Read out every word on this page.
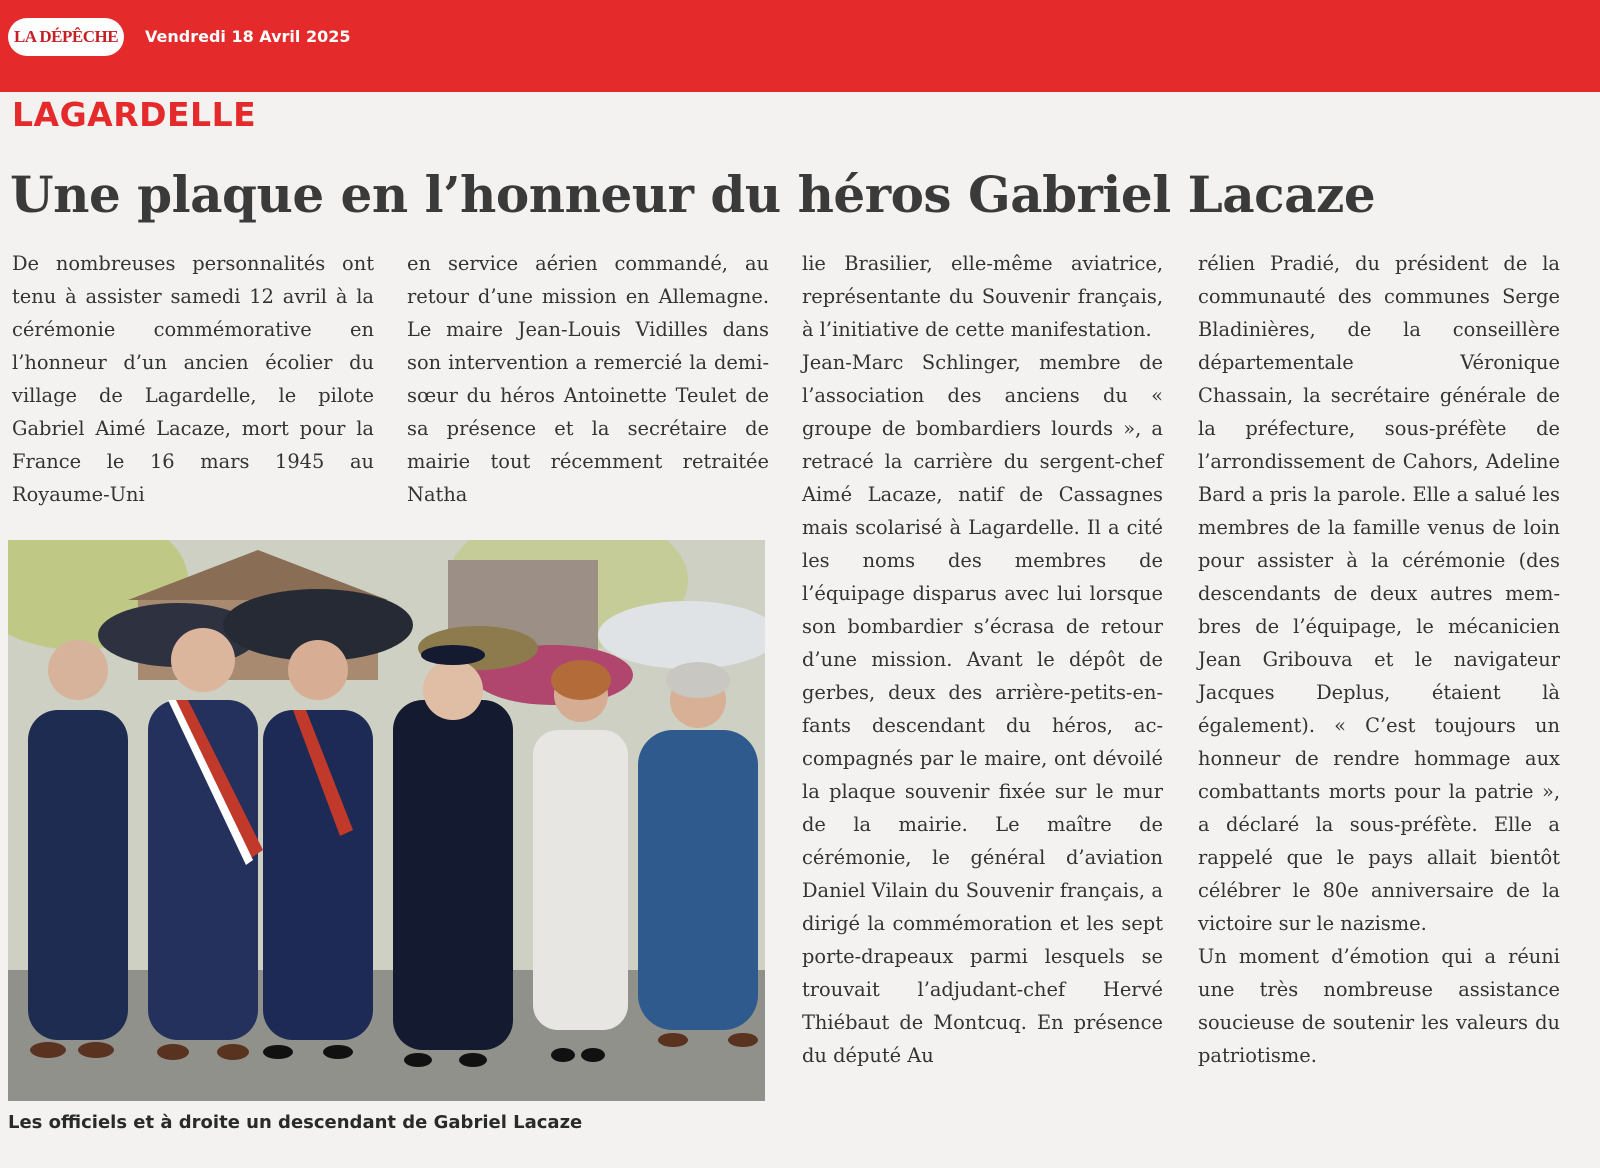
LA DÉPÊCHE Vendredi 18 Avril 2025
LAGARDELLE
Une plaque en l’honneur du héros Gabriel Lacaze

De nombreuses personnalités ont tenu à assister samedi 12 avril à la cérémonie commémorative en l’honneur d’un ancien écolier du village de Lagardelle, le pilote Gabriel Aimé Lacaze, mort pour la France le 16 mars 1945 au Royaume-Uni

en service aérien commandé, au retour d’une mission en Allemagne. Le maire Jean-Louis Vidilles dans son intervention a remercié la demi-sœur du héros Antoinette Teulet de sa présence et la secrétaire de mairie tout récemment retraitée Natha

lie Brasilier, elle-même aviatrice, représentante du Souvenir français, à l’initiative de cette manifestation.

Jean-Marc Schlinger, membre de l’association des anciens du « groupe de bombardiers lourds », a retracé la carrière du sergent-chef Aimé Lacaze, natif de Cassagnes mais scolarisé à Lagardelle. Il a cité les noms des membres de l’équipage disparus avec lui lorsque son bombardier s’écrasa de retour d’une mission. Avant le dépôt de gerbes, deux des arrière-petits-enfants descendant du héros, accompagnés par le maire, ont dévoilé la plaque souvenir fixée sur le mur de la mairie. Le maître de cérémonie, le général d’aviation Daniel Vilain du Souvenir français, a dirigé la commémoration et les sept porte-drapeaux parmi lesquels se trouvait l’adjudant-chef Hervé Thiébaut de Montcuq. En présence du député Au

rélien Pradié, du président de la communauté des communes Serge Bladinières, de la conseillère départementale Véronique Chassain, la secrétaire générale de la préfecture, sous-préfète de l’arrondissement de Cahors, Adeline Bard a pris la parole. Elle a salué les membres de la famille venus de loin pour assister à la cérémonie (des descendants de deux autres membres de l’équipage, le mécanicien Jean Gribouva et le navigateur Jacques Deplus, étaient là également). « C’est toujours un honneur de rendre hommage aux combattants morts pour la patrie », a déclaré la sous-préfète. Elle a rappelé que le pays allait bientôt célébrer le 80e anniversaire de la victoire sur le nazisme.

Un moment d’émotion qui a réuni une très nombreuse assistance soucieuse de soutenir les valeurs du patriotisme.

Les officiels et à droite un descendant de Gabriel Lacaze
